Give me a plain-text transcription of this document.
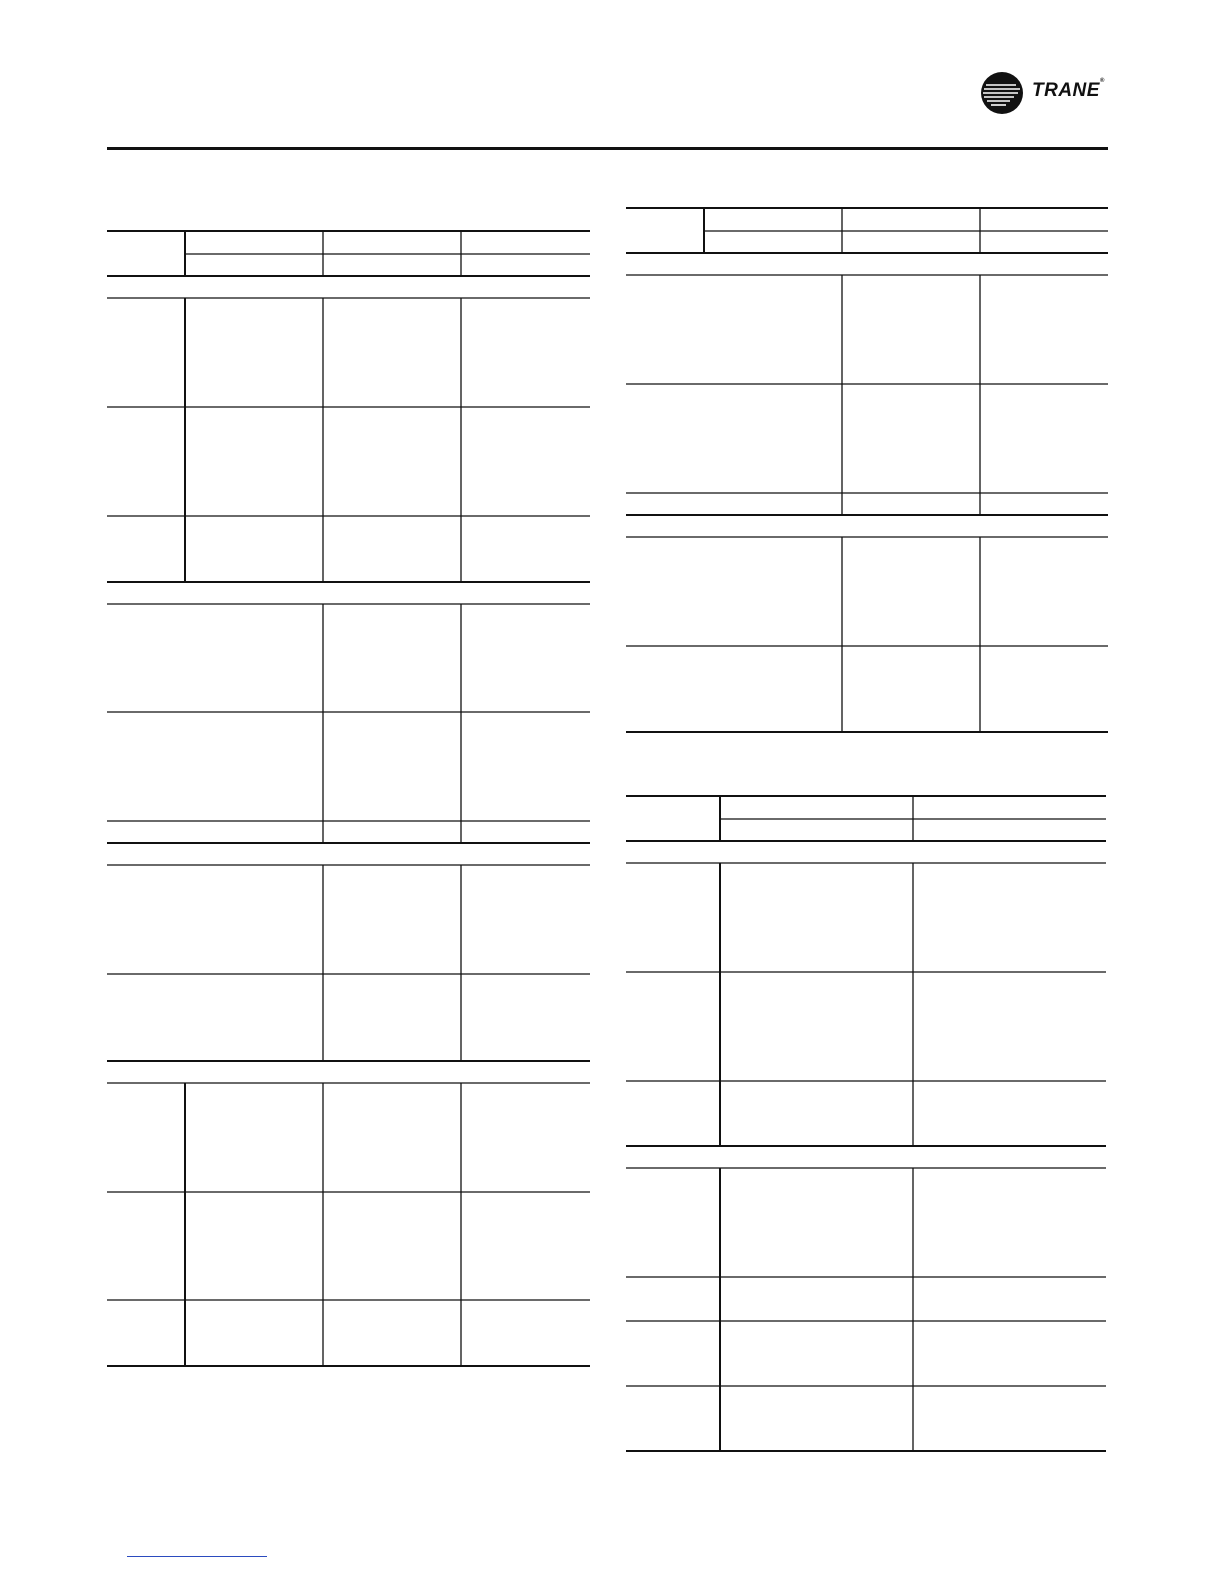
TRANE®
